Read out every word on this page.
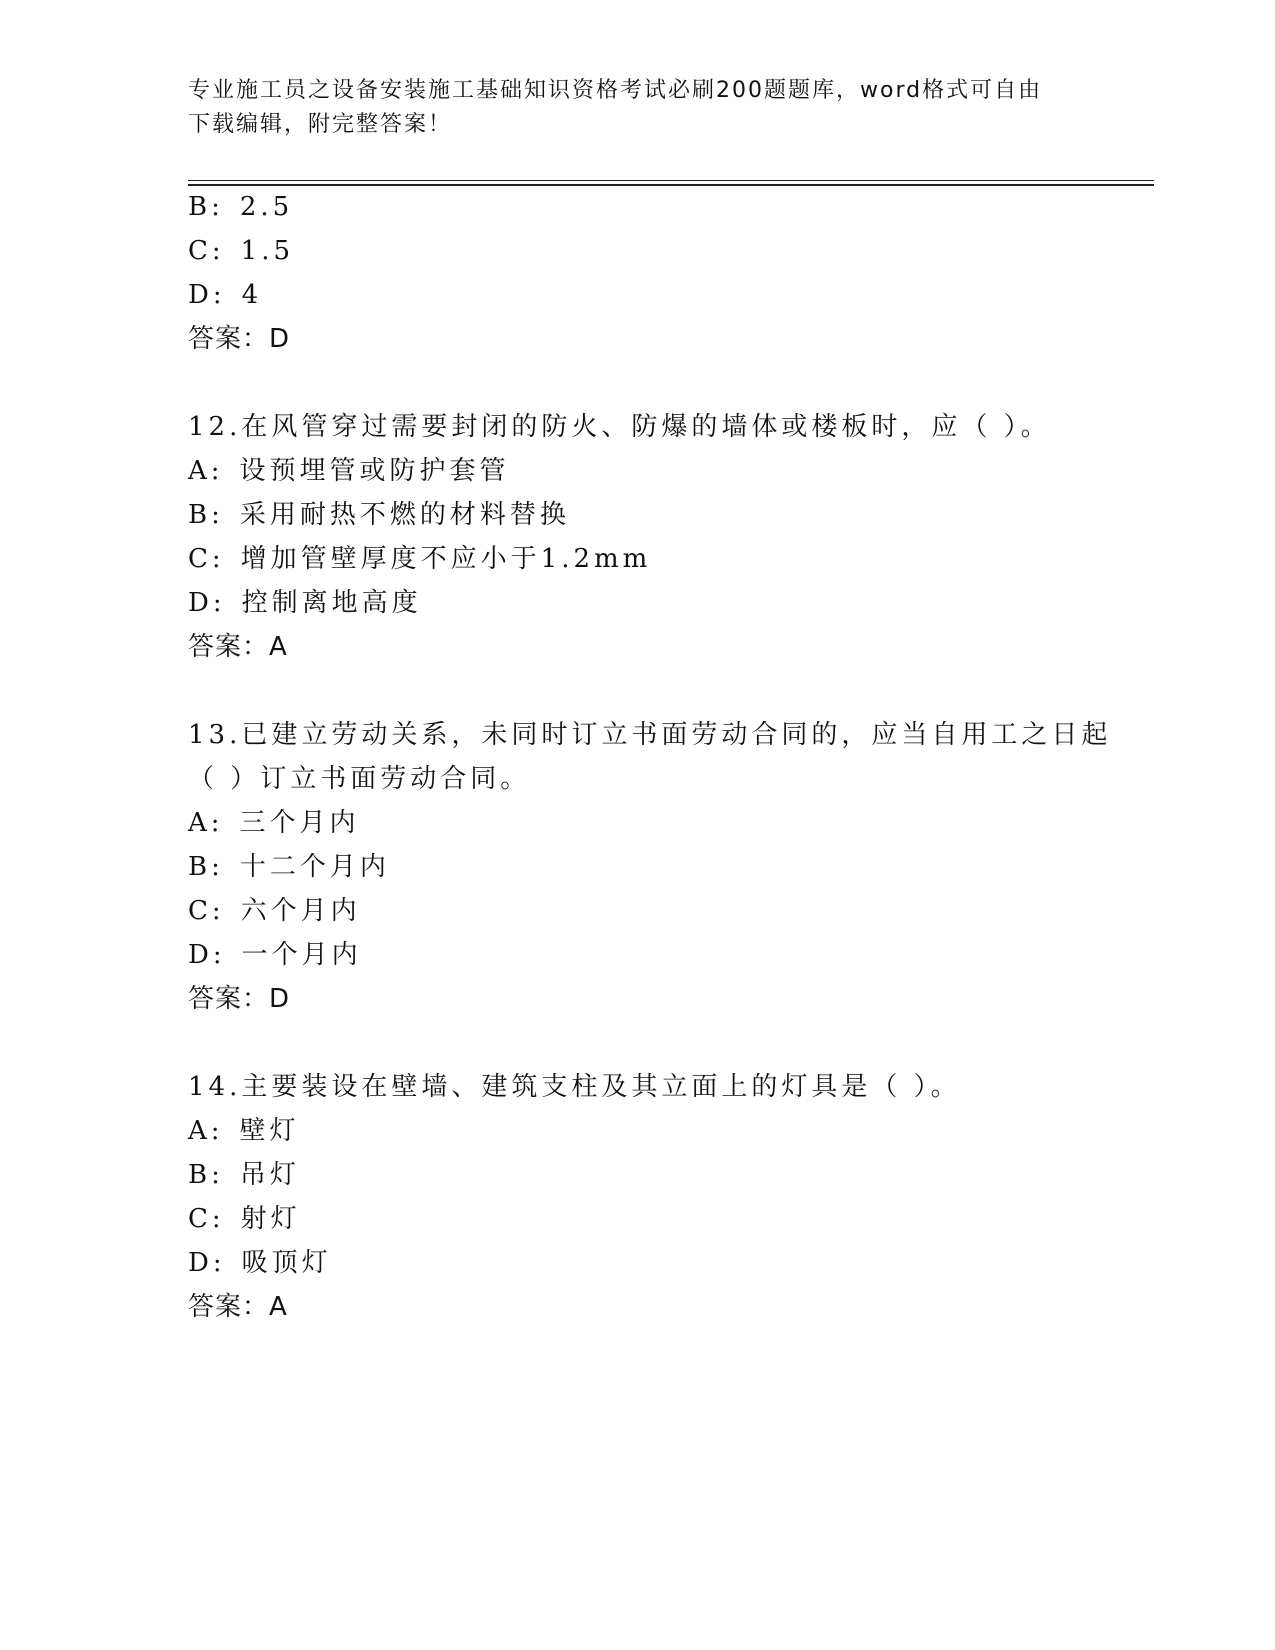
专业施工员之设备安装施工基础知识资格考试必刷200题题库，word格式可自由
下载编辑，附完整答案！
B: 2.5
C: 1.5
D: 4
答案：D
12.在风管穿过需要封闭的防火、防爆的墙体或楼板时，应（ ）。
A: 设预埋管或防护套管
B: 采用耐热不燃的材料替换
C: 增加管壁厚度不应小于1.2mm
D: 控制离地高度
答案：A
13.已建立劳动关系，未同时订立书面劳动合同的，应当自用工之日起
（ ）订立书面劳动合同。
A: 三个月内
B: 十二个月内
C: 六个月内
D: 一个月内
答案：D
14.主要装设在壁墙、建筑支柱及其立面上的灯具是（ ）。
A: 壁灯
B: 吊灯
C: 射灯
D: 吸顶灯
答案：A
